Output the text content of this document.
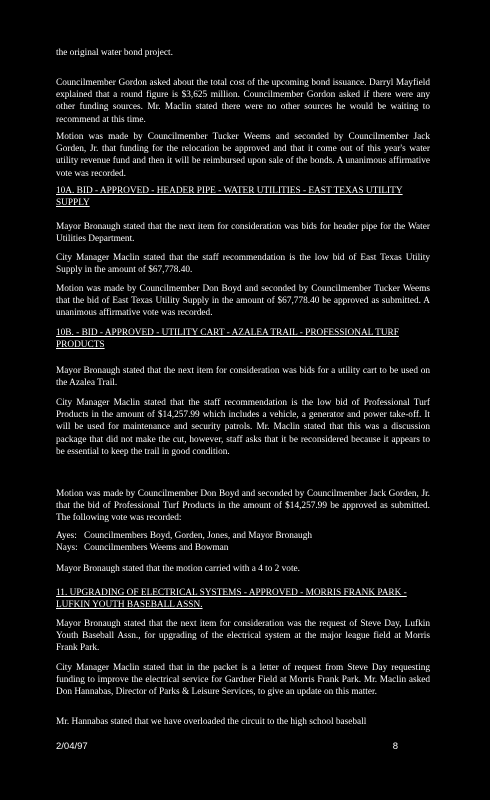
the original water bond project.

Councilmember Gordon asked about the total cost of the upcoming bond issuance. Darryl Mayfield explained that a round figure is $3,625 million. Councilmember Gordon asked if there were any other funding sources. Mr. Maclin stated there were no other sources he would be waiting to recommend at this time.

Motion was made by Councilmember Tucker Weems and seconded by Councilmember Jack Gorden, Jr. that funding for the relocation be approved and that it come out of this year's water utility revenue fund and then it will be reimbursed upon sale of the bonds. A unanimous affirmative vote was recorded.

10A. BID - APPROVED - HEADER PIPE - WATER UTILITIES - EAST TEXAS UTILITY SUPPLY

Mayor Bronaugh stated that the next item for consideration was bids for header pipe for the Water Utilities Department.

City Manager Maclin stated that the staff recommendation is the low bid of East Texas Utility Supply in the amount of $67,778.40.

Motion was made by Councilmember Don Boyd and seconded by Councilmember Tucker Weems that the bid of East Texas Utility Supply in the amount of $67,778.40 be approved as submitted. A unanimous affirmative vote was recorded.

10B. - BID - APPROVED - UTILITY CART - AZALEA TRAIL - PROFESSIONAL TURF PRODUCTS

Mayor Bronaugh stated that the next item for consideration was bids for a utility cart to be used on the Azalea Trail.

City Manager Maclin stated that the staff recommendation is the low bid of Professional Turf Products in the amount of $14,257.99 which includes a vehicle, a generator and power take-off. It will be used for maintenance and security patrols. Mr. Maclin stated that this was a discussion package that did not make the cut, however, staff asks that it be reconsidered because it appears to be essential to keep the trail in good condition.

Motion was made by Councilmember Don Boyd and seconded by Councilmember Jack Gorden, Jr. that the bid of Professional Turf Products in the amount of $14,257.99 be approved as submitted. The following vote was recorded:

Ayes: Councilmembers Boyd, Gorden, Jones, and Mayor Bronaugh
Nays: Councilmembers Weems and Bowman

Mayor Bronaugh stated that the motion carried with a 4 to 2 vote.

11. UPGRADING OF ELECTRICAL SYSTEMS - APPROVED - MORRIS FRANK PARK - LUFKIN YOUTH BASEBALL ASSN.

Mayor Bronaugh stated that the next item for consideration was the request of Steve Day, Lufkin Youth Baseball Assn., for upgrading of the electrical system at the major league field at Morris Frank Park.

City Manager Maclin stated that in the packet is a letter of request from Steve Day requesting funding to improve the electrical service for Gardner Field at Morris Frank Park. Mr. Maclin asked Don Hannabas, Director of Parks & Leisure Services, to give an update on this matter.

Mr. Hannabas stated that we have overloaded the circuit to the high school baseball

2/04/97	8
